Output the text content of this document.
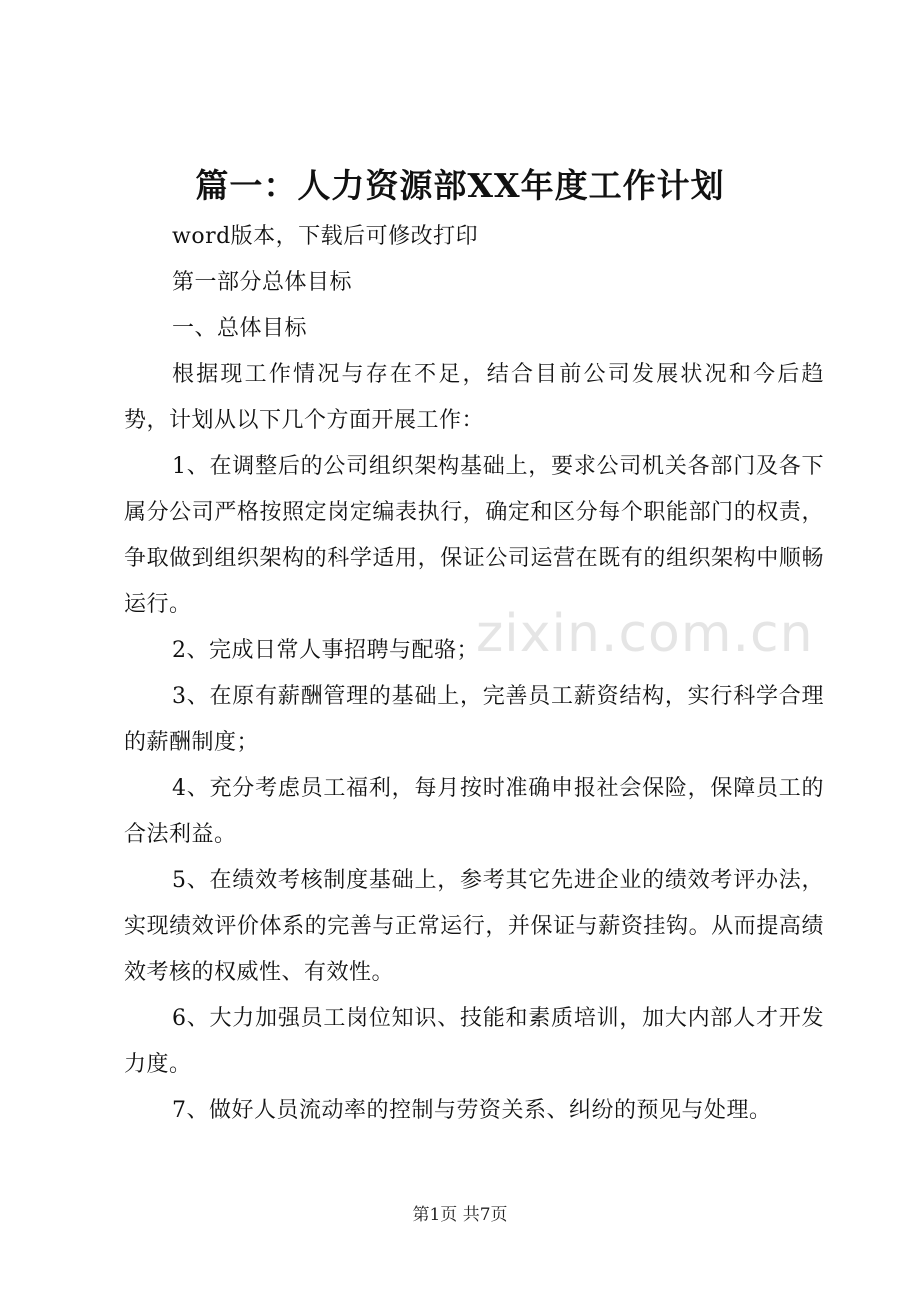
篇一：人力资源部XX年度工作计划

word版本，下载后可修改打印

第一部分总体目标

一、总体目标

根据现工作情况与存在不足，结合目前公司发展状况和今后趋势，计划从以下几个方面开展工作：

1、在调整后的公司组织架构基础上，要求公司机关各部门及各下属分公司严格按照定岗定编表执行，确定和区分每个职能部门的权责，争取做到组织架构的科学适用，保证公司运营在既有的组织架构中顺畅运行。

2、完成日常人事招聘与配骆；

3、在原有薪酬管理的基础上，完善员工薪资结构，实行科学合理的薪酬制度；

4、充分考虑员工福利，每月按时准确申报社会保险，保障员工的合法利益。

5、在绩效考核制度基础上，参考其它先进企业的绩效考评办法，实现绩效评价体系的完善与正常运行，并保证与薪资挂钩。从而提高绩效考核的权威性、有效性。

6、大力加强员工岗位知识、技能和素质培训，加大内部人才开发力度。

7、做好人员流动率的控制与劳资关系、纠纷的预见与处理。

zixin.com.cn
第1页 共7页
